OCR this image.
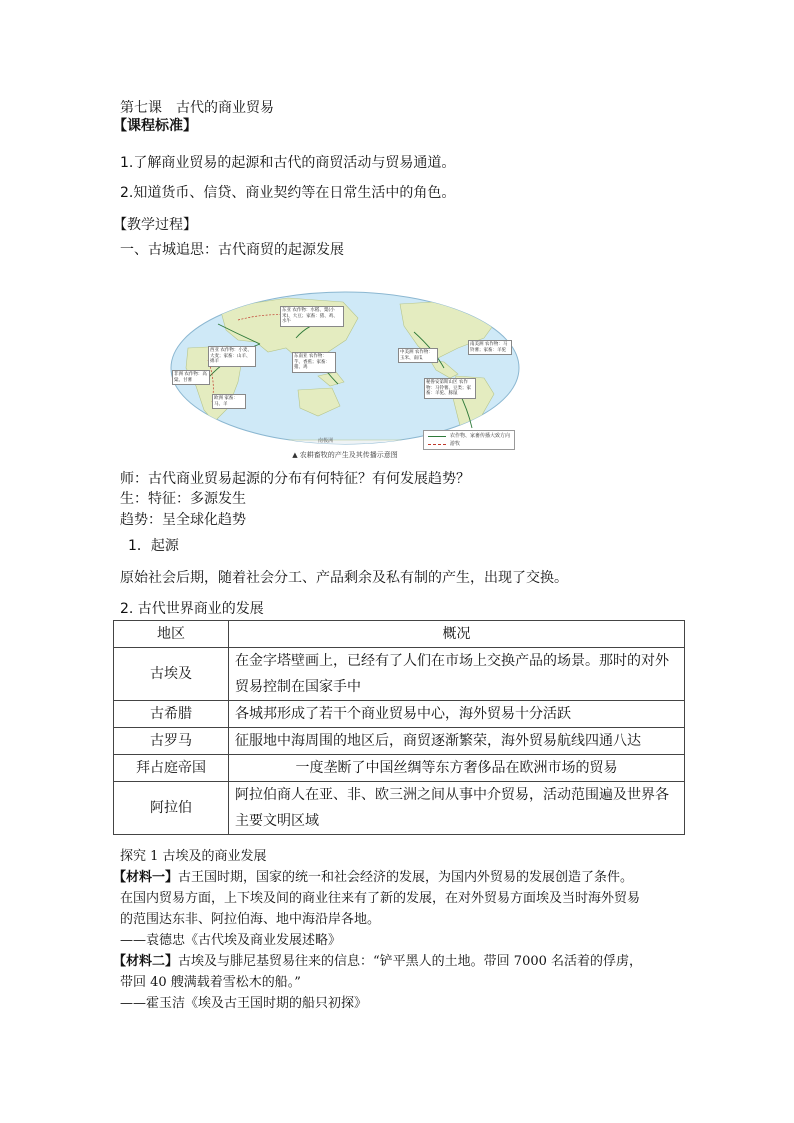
第七课　古代的商业贸易
【课程标准】
1.了解商业贸易的起源和古代的商贸活动与贸易通道。
2.知道货币、信贷、商业契约等在日常生活中的角色。
【教学过程】
一、古城追思：古代商贸的起源发展
东亚 农作物：水稻、粟(小米)、大豆；家畜：猪、鸡、水牛
西亚 农作物：小麦、大麦；家畜：山羊、绵羊
东南亚 农作物：芋、香蕉；家畜：猪、鸡
非洲 农作物：高粱、甘薯
中美洲 农作物：玉米、南瓜
南美洲 农作物：马铃薯；家畜：羊驼
秘鲁安第斯山区 农作物：马铃薯、豆类；家畜：羊驼、豚鼠
欧洲 家畜：马、羊
南极洲
农作物、家畜传播大致方向
游牧
▲ 农耕畜牧的产生及其传播示意图
师：古代商业贸易起源的分布有何特征？有何发展趋势？
生：特征：多源发生
趋势：呈全球化趋势
1．起源
原始社会后期，随着社会分工、产品剩余及私有制的产生，出现了交换。
2. 古代世界商业的发展
地区	概况
古埃及	在金字塔壁画上，已经有了人们在市场上交换产品的场景。那时的对外
贸易控制在国家手中

古希腊	各城邦形成了若干个商业贸易中心，海外贸易十分活跃

古罗马	征服地中海周围的地区后，商贸逐渐繁荣，海外贸易航线四通八达

拜占庭帝国	一度垄断了中国丝绸等东方奢侈品在欧洲市场的贸易

阿拉伯	阿拉伯商人在亚、非、欧三洲之间从事中介贸易，活动范围遍及世界各
主要文明区域
探究 1 古埃及的商业发展
【材料一】古王国时期，国家的统一和社会经济的发展，为国内外贸易的发展创造了条件。
在国内贸易方面，上下埃及间的商业往来有了新的发展，在对外贸易方面埃及当时海外贸易
的范围达东非、阿拉伯海、地中海沿岸各地。
——袁德忠《古代埃及商业发展述略》
【材料二】古埃及与腓尼基贸易往来的信息：“铲平黑人的土地。带回 7000 名活着的俘虏，
带回 40 艘满载着雪松木的船。”
——霍玉洁《埃及古王国时期的船只初探》
